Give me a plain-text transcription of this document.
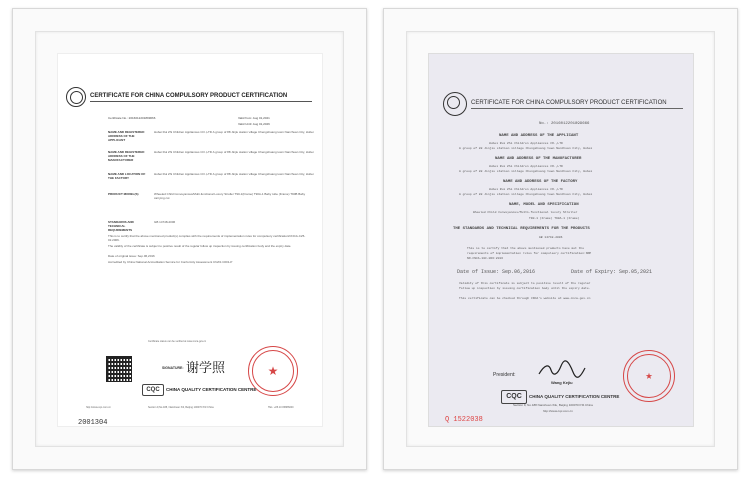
CERTIFICATE FOR CHINA COMPULSORY PRODUCT CERTIFICATION
Certificate No.: 2016012201899666	Valid from: Aug 01,2021
Valid Until: Aug 01,2026
NAME AND REGISTERED ADDRESS OF THE APPLICANT
Hubei Rui Zhi Children Appliances CO.,LTD A group of 88 Jinjiu station village Chengshuang town Nanzhuan City, Hubei
NAME AND REGISTERED ADDRESS OF THE MANUFACTURER
Hubei Rui Zhi Children Appliances CO.,LTD A group of 88 Jinjiu station village Chengshuang town Nanzhuan City, Hubei
NAME AND LOCATION OF THE FACTORY
Hubei Rui Zhi Children Appliances CO.,LTD A group of 88 Jinjiu station village Chengshuang town Nanzhuan City, Hubei
PRODUCT MODEL(S)	Wheeled Child Conveyances/Multi-functional Luxury Stroller T90-1(Frame) T90A-1 Baby tube (Frame) T90B Baby carrying cot
STANDARDS AND TECHNICAL REQUIREMENTS
GB 14748-2006
This is to certify that the above mentioned product(s) complies with the requirements of implementation rules for compulsory certification/CNCA-C25-01:2006.
The validity of the certificate is subject to positive result of the regular follow up inspection by issuing certification body and the expiry date.
Date of original issue: Sep.06,2016
Accredited by China National Accreditation Service for Conformity Assessment CNAS C001-P
Certificate status can be verified at www.cnca.gov.cn
SIGNATURE: 谢学照	★
CQC	CHINA QUALITY CERTIFICATION CENTRE
http://www.cqc.com.cn	Section 9,No.188, Nanshuan Xili, Beijing 100070 P.R.China	TEL: +86 10 83886000
2001304
CERTIFICATE FOR CHINA COMPULSORY PRODUCT CERTIFICATION
No.: 2016012201899666
NAME AND ADDRESS OF THE APPLICANT
Hubei Rui Zhi Children Appliances CO.,LTD
A group of 88 Jinjiu station village Chengshuang town Nanzhuan City, Hubei
NAME AND ADDRESS OF THE MANUFACTURER
Hubei Rui Zhi Children Appliances CO.,LTD
A group of 88 Jinjiu station village Chengshuang town Nanzhuan City, Hubei
NAME AND ADDRESS OF THE FACTORY
Hubei Rui Zhi Children Appliances CO.,LTD
A group of 88 Jinjiu station village Chengshuang town Nanzhuan City, Hubei
NAME, MODEL AND SPECIFICATION
Wheeled Child Conveyances/Multi-functional luxury Stroller
T90-1 (Frame) T90A-1 (Frame)
THE STANDARDS AND TECHNICAL REQUIREMENTS FOR THE PRODUCTS
GB 14748-2006
This is to certify that the above mentioned products have met the
requirements of implementation rules for compulsory certification:NOP
NO.CNCA-10C-066:2016
Date of Issue: Sep.06,2016	Date of Expiry: Sep.05,2021
Validity of this certificate is subject to positive result of the regular
follow up inspection by issuing certification body until the expiry date.
This certificate can be checked through CNCA's website at www.cnca.gov.cn
★
President:
Wang Kejiu
CQC	CHINA QUALITY CERTIFICATION CENTRE
Section 9, No.188 Nanshuan Xilu, Beijing 100070 P.R.China
http://www.cqc.com.cn
Q 1522038
